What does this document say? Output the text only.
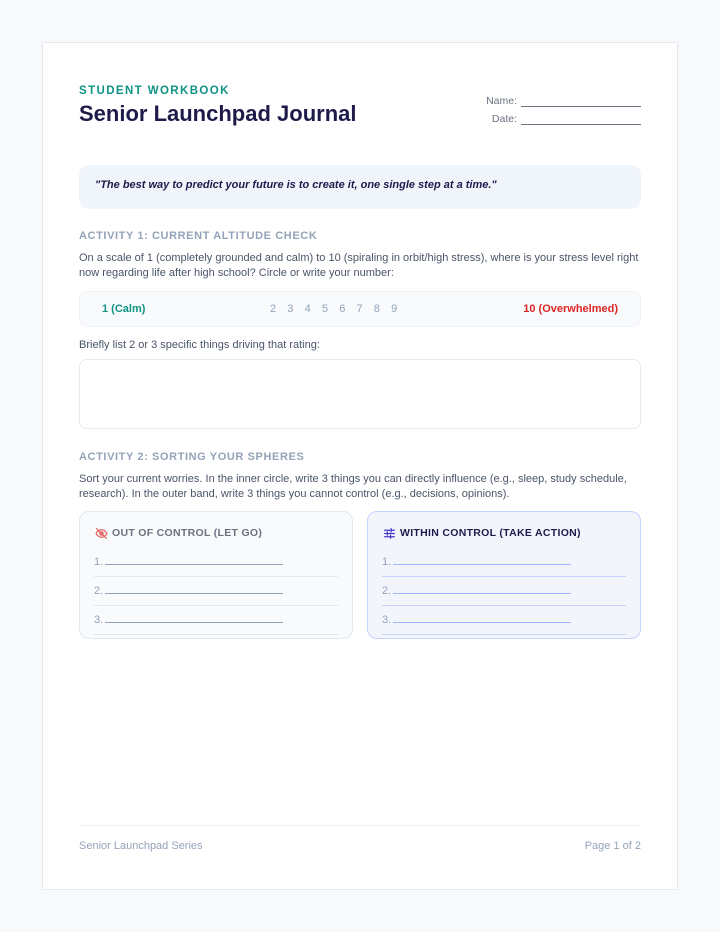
STUDENT WORKBOOK
Senior Launchpad Journal	Name:
Date:
"The best way to predict your future is to create it, one single step at a time."
ACTIVITY 1: CURRENT ALTITUDE CHECK
On a scale of 1 (completely grounded and calm) to 10 (spiraling in orbit/high stress), where is your stress level right now regarding life after high school? Circle or write your number:
1 (Calm)	2	3	4	5	6	7	8	9	10 (Overwhelmed)
Briefly list 2 or 3 specific things driving that rating:
ACTIVITY 2: SORTING YOUR SPHERES
Sort your current worries. In the inner circle, write 3 things you can directly influence (e.g., sleep, study schedule, research). In the outer band, write 3 things you cannot control (e.g., decisions, opinions).
OUT OF CONTROL (LET GO)
1.
2.
3.
WITHIN CONTROL (TAKE ACTION)
1.
2.
3.
Senior Launchpad Series	Page 1 of 2
